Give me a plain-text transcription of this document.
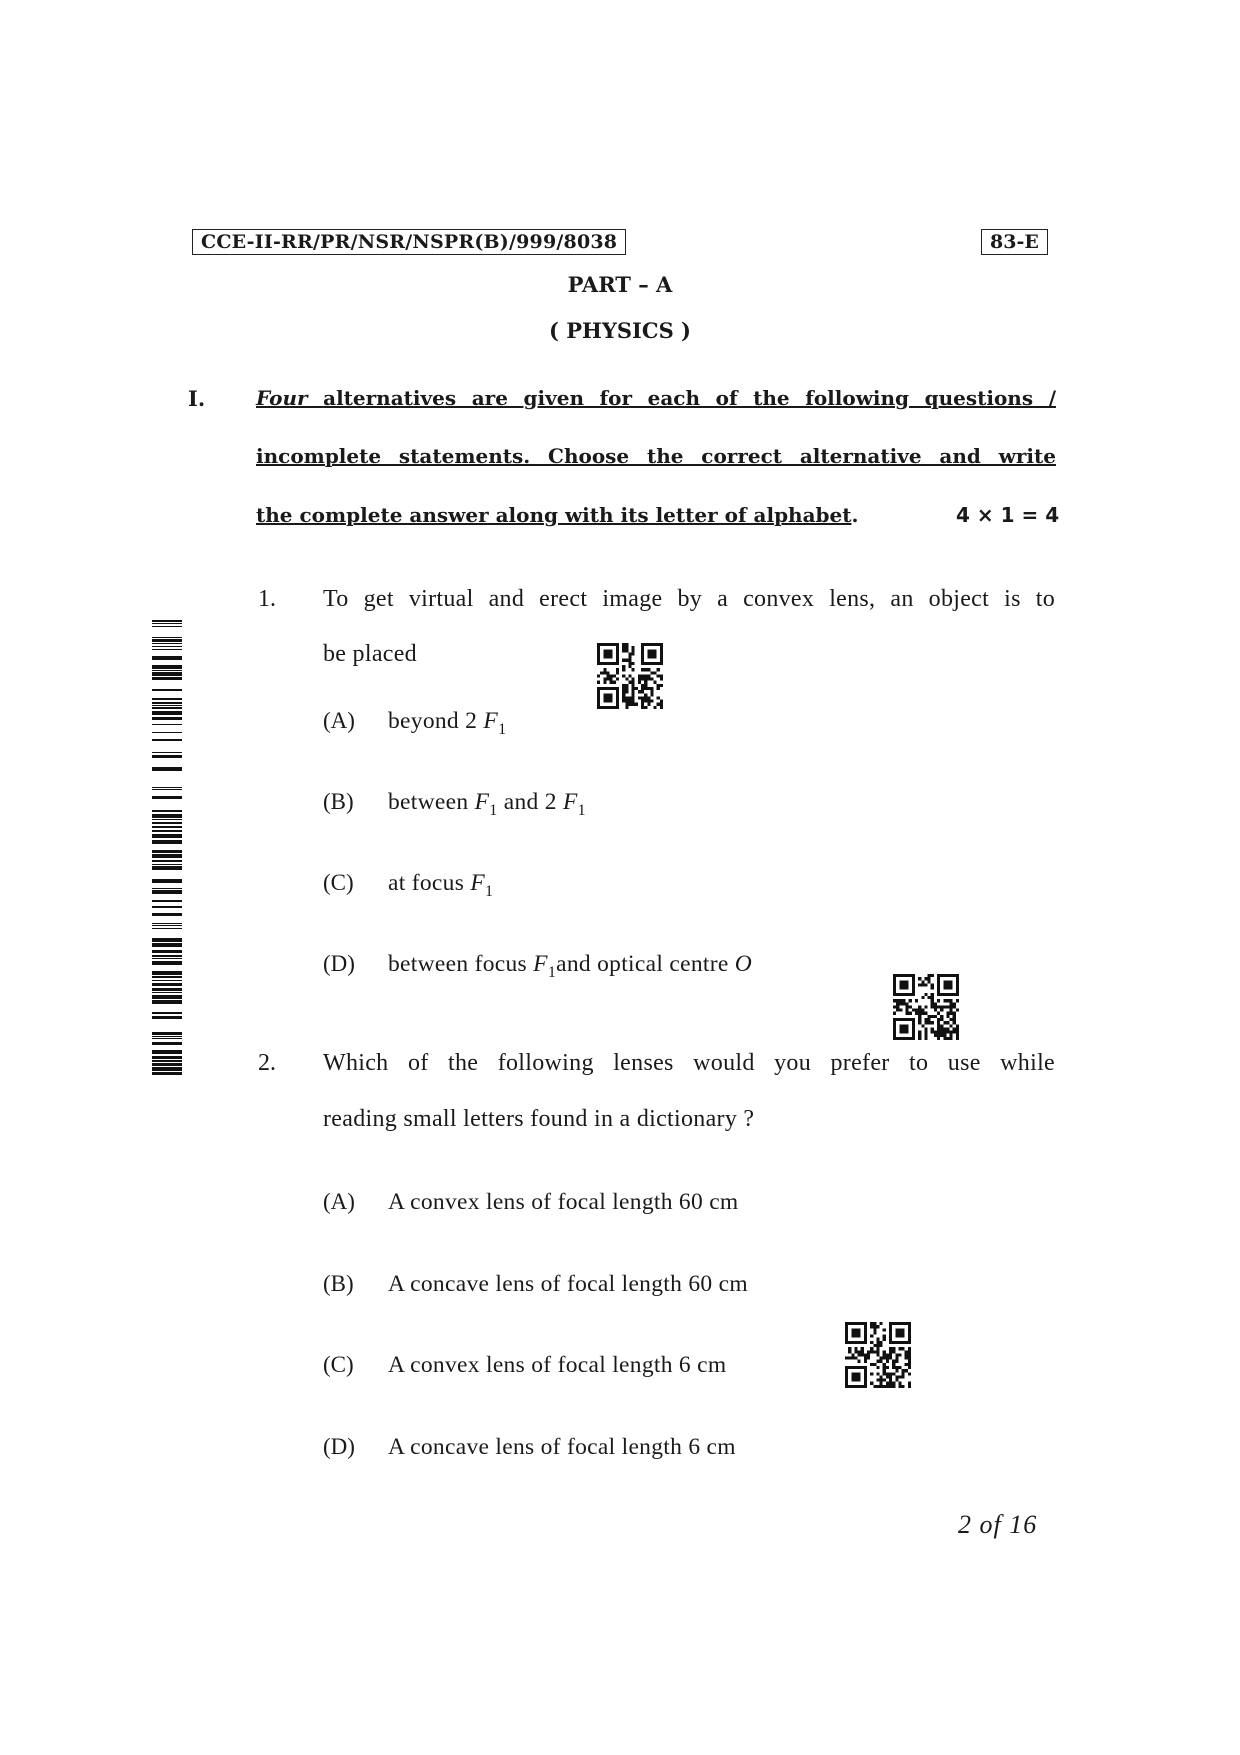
CCE-II-RR/PR/NSR/NSPR(B)/999/8038	83-E
PART – A
( PHYSICS )
I.	Four alternatives are given for each of the following questions /
incomplete statements. Choose the correct alternative and write
the complete answer along with its letter of alphabet.	4 × 1 = 4
1. To get virtual and erect image by a convex lens, an object is to
be placed
(A) beyond 2 $F_1$
(B) between $F_1$ and 2 $F_1$
(C) at focus $F_1$
(D) between focus $F_1and$ optical centre O
2. Which of the following lenses would you prefer to use while
reading small letters found in a dictionary ?
(A) A convex lens of focal length 60 cm
(B) A concave lens of focal length 60 cm
(C) A convex lens of focal length 6 cm
(D) A concave lens of focal length 6 cm
2 of 16
